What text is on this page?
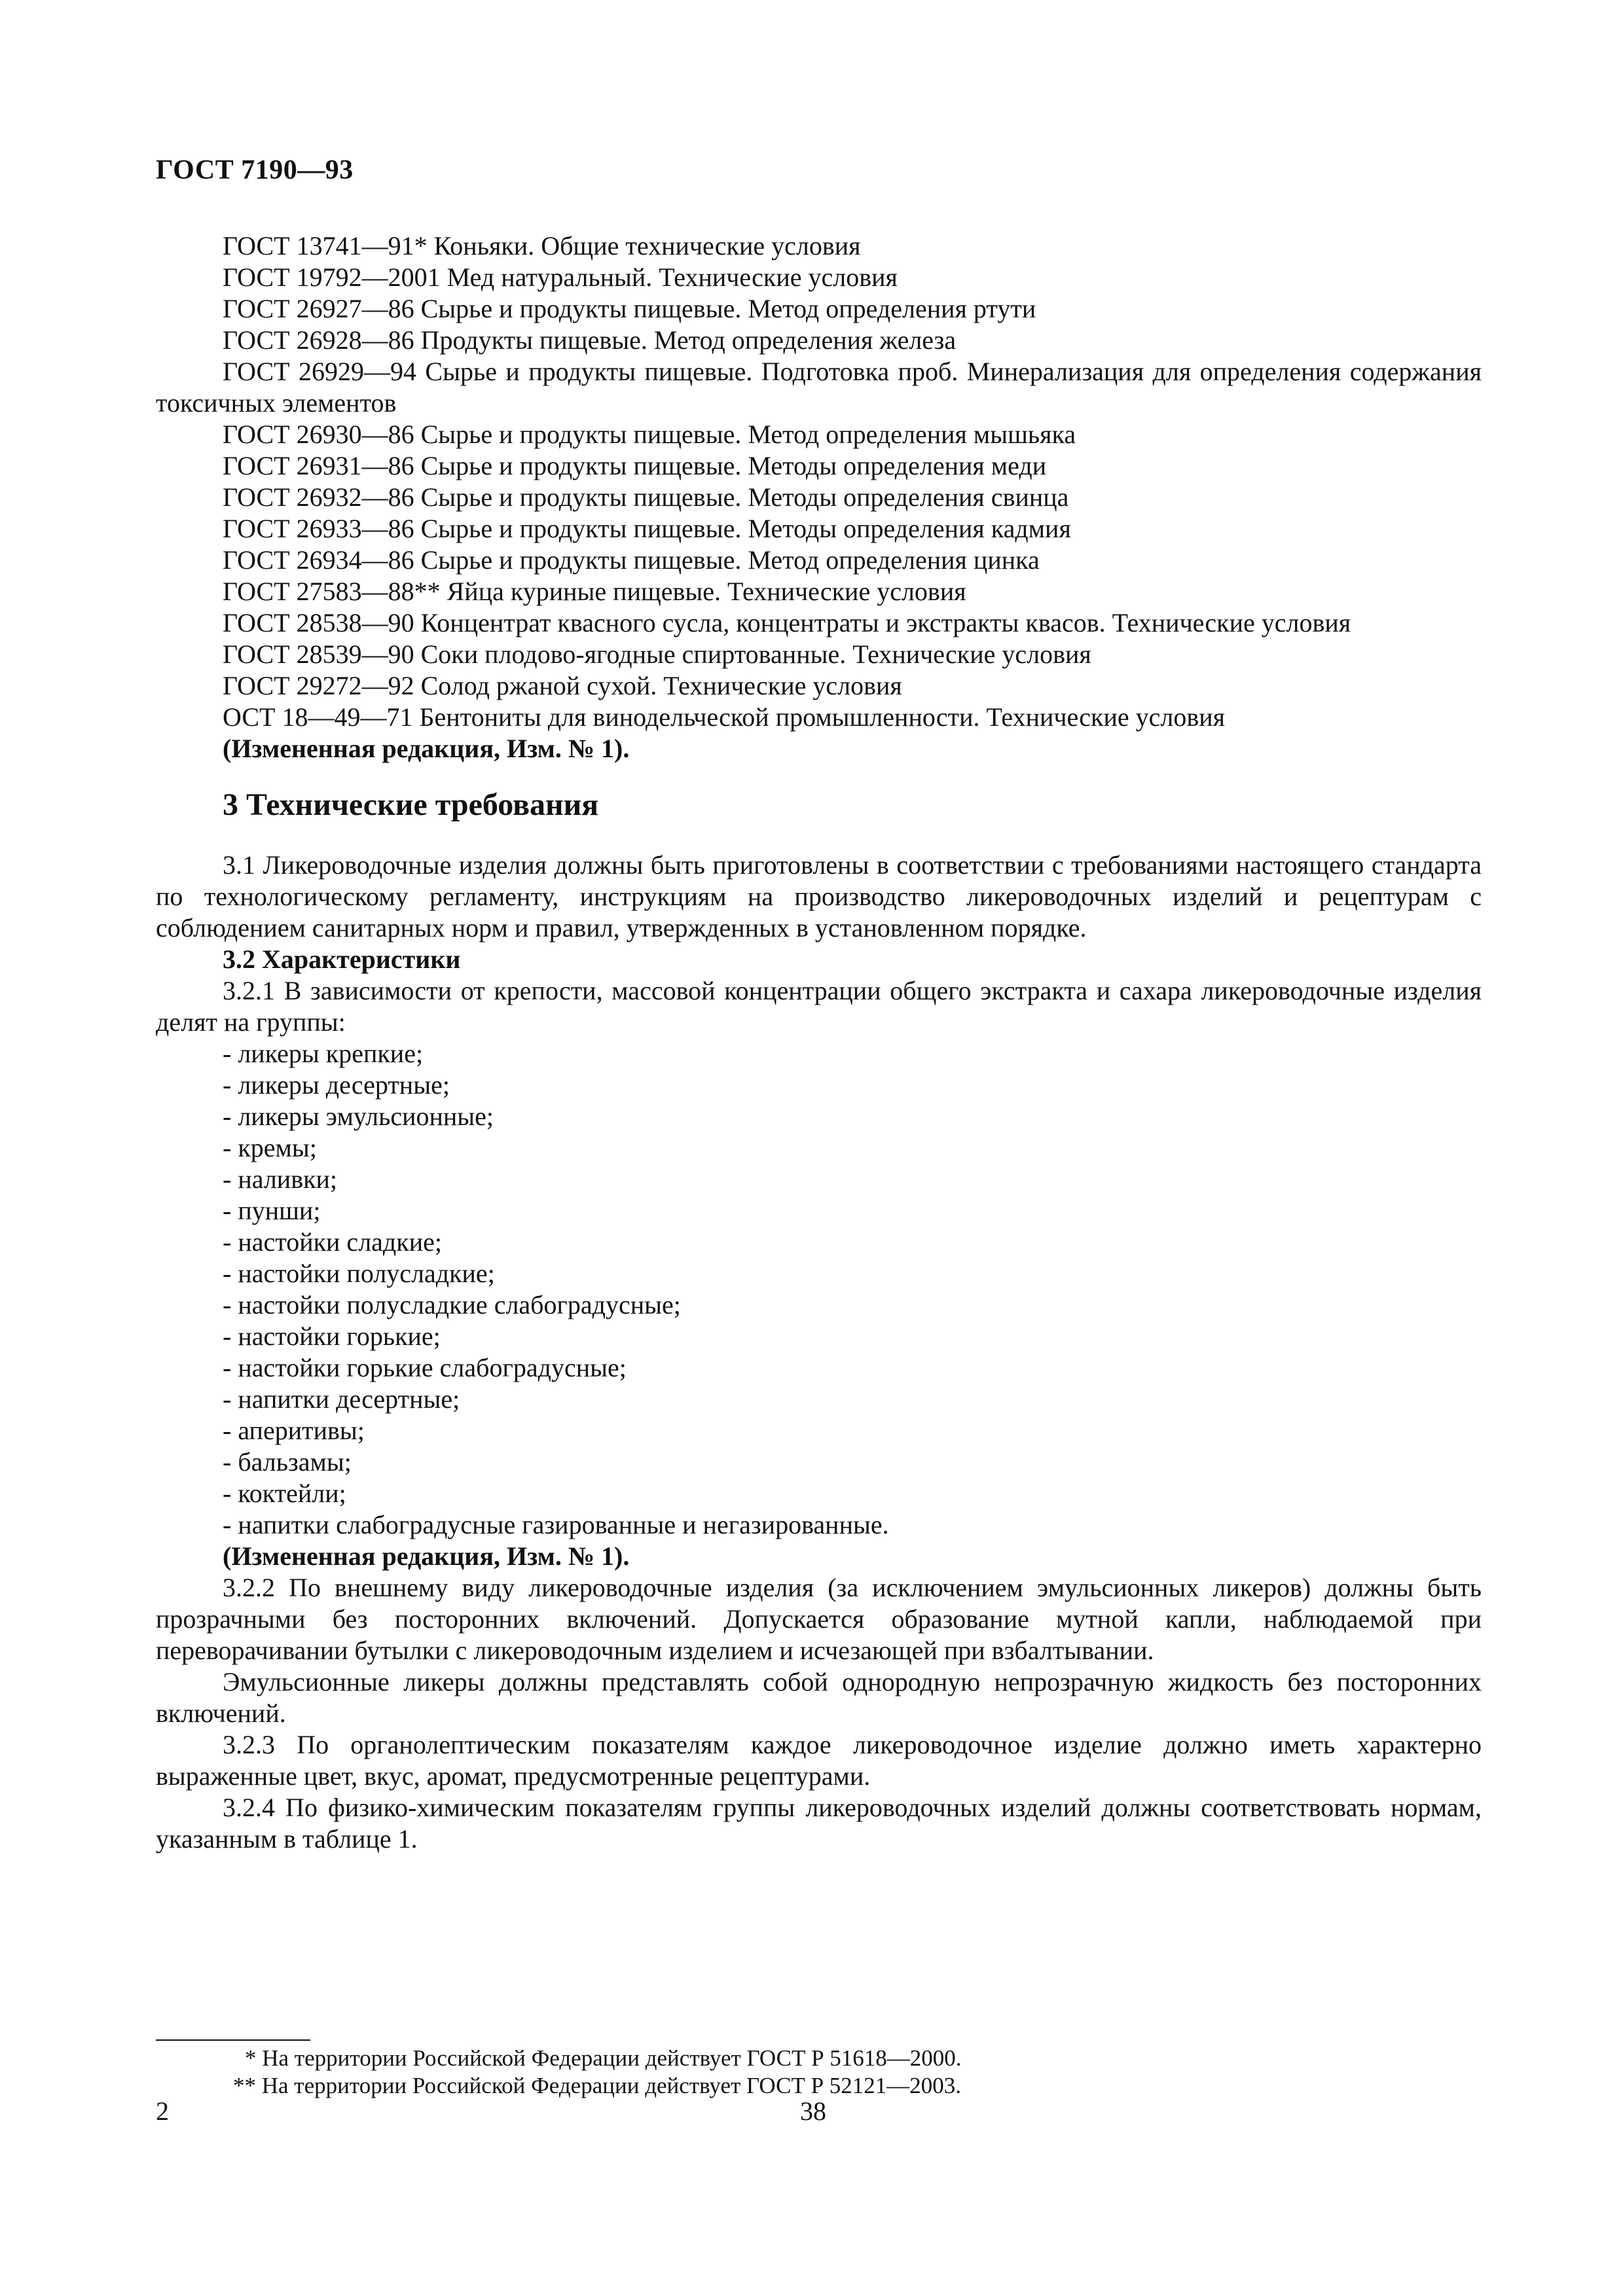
ГОСТ 7190—93

ГОСТ 13741—91* Коньяки. Общие технические условия

ГОСТ 19792—2001 Мед натуральный. Технические условия

ГОСТ 26927—86 Сырье и продукты пищевые. Метод определения ртути

ГОСТ 26928—86 Продукты пищевые. Метод определения железа

ГОСТ 26929—94 Сырье и продукты пищевые. Подготовка проб. Минерализация для определения содержания токсичных элементов

ГОСТ 26930—86 Сырье и продукты пищевые. Метод определения мышьяка

ГОСТ 26931—86 Сырье и продукты пищевые. Методы определения меди

ГОСТ 26932—86 Сырье и продукты пищевые. Методы определения свинца

ГОСТ 26933—86 Сырье и продукты пищевые. Методы определения кадмия

ГОСТ 26934—86 Сырье и продукты пищевые. Метод определения цинка

ГОСТ 27583—88** Яйца куриные пищевые. Технические условия

ГОСТ 28538—90 Концентрат квасного сусла, концентраты и экстракты квасов. Технические условия

ГОСТ 28539—90 Соки плодово-ягодные спиртованные. Технические условия

ГОСТ 29272—92 Солод ржаной сухой. Технические условия

ОСТ 18—49—71 Бентониты для винодельческой промышленности. Технические условия

(Измененная редакция, Изм. № 1).

3 Технические требования

3.1 Ликероводочные изделия должны быть приготовлены в соответствии с требованиями настоящего стандарта по технологическому регламенту, инструкциям на производство ликероводочных изделий и рецептурам с соблюдением санитарных норм и правил, утвержденных в установленном порядке.

3.2 Характеристики

3.2.1 В зависимости от крепости, массовой концентрации общего экстракта и сахара ликероводочные изделия делят на группы:

- ликеры крепкие;

- ликеры десертные;

- ликеры эмульсионные;

- кремы;

- наливки;

- пунши;

- настойки сладкие;

- настойки полусладкие;

- настойки полусладкие слабоградусные;

- настойки горькие;

- настойки горькие слабоградусные;

- напитки десертные;

- аперитивы;

- бальзамы;

- коктейли;

- напитки слабоградусные газированные и негазированные.

(Измененная редакция, Изм. № 1).

3.2.2 По внешнему виду ликероводочные изделия (за исключением эмульсионных ликеров) должны быть прозрачными без посторонних включений. Допускается образование мутной капли, наблюдаемой при переворачивании бутылки с ликероводочным изделием и исчезающей при взбалтывании.

Эмульсионные ликеры должны представлять собой однородную непрозрачную жидкость без посторонних включений.

3.2.3 По органолептическим показателям каждое ликероводочное изделие должно иметь характерно выраженные цвет, вкус, аромат, предусмотренные рецептурами.

3.2.4 По физико-химическим показателям группы ликероводочных изделий должны соответствовать нормам, указанным в таблице 1.

* На территории Российской Федерации действует ГОСТ Р 51618—2000.

** На территории Российской Федерации действует ГОСТ Р 52121—2003.

2	38
